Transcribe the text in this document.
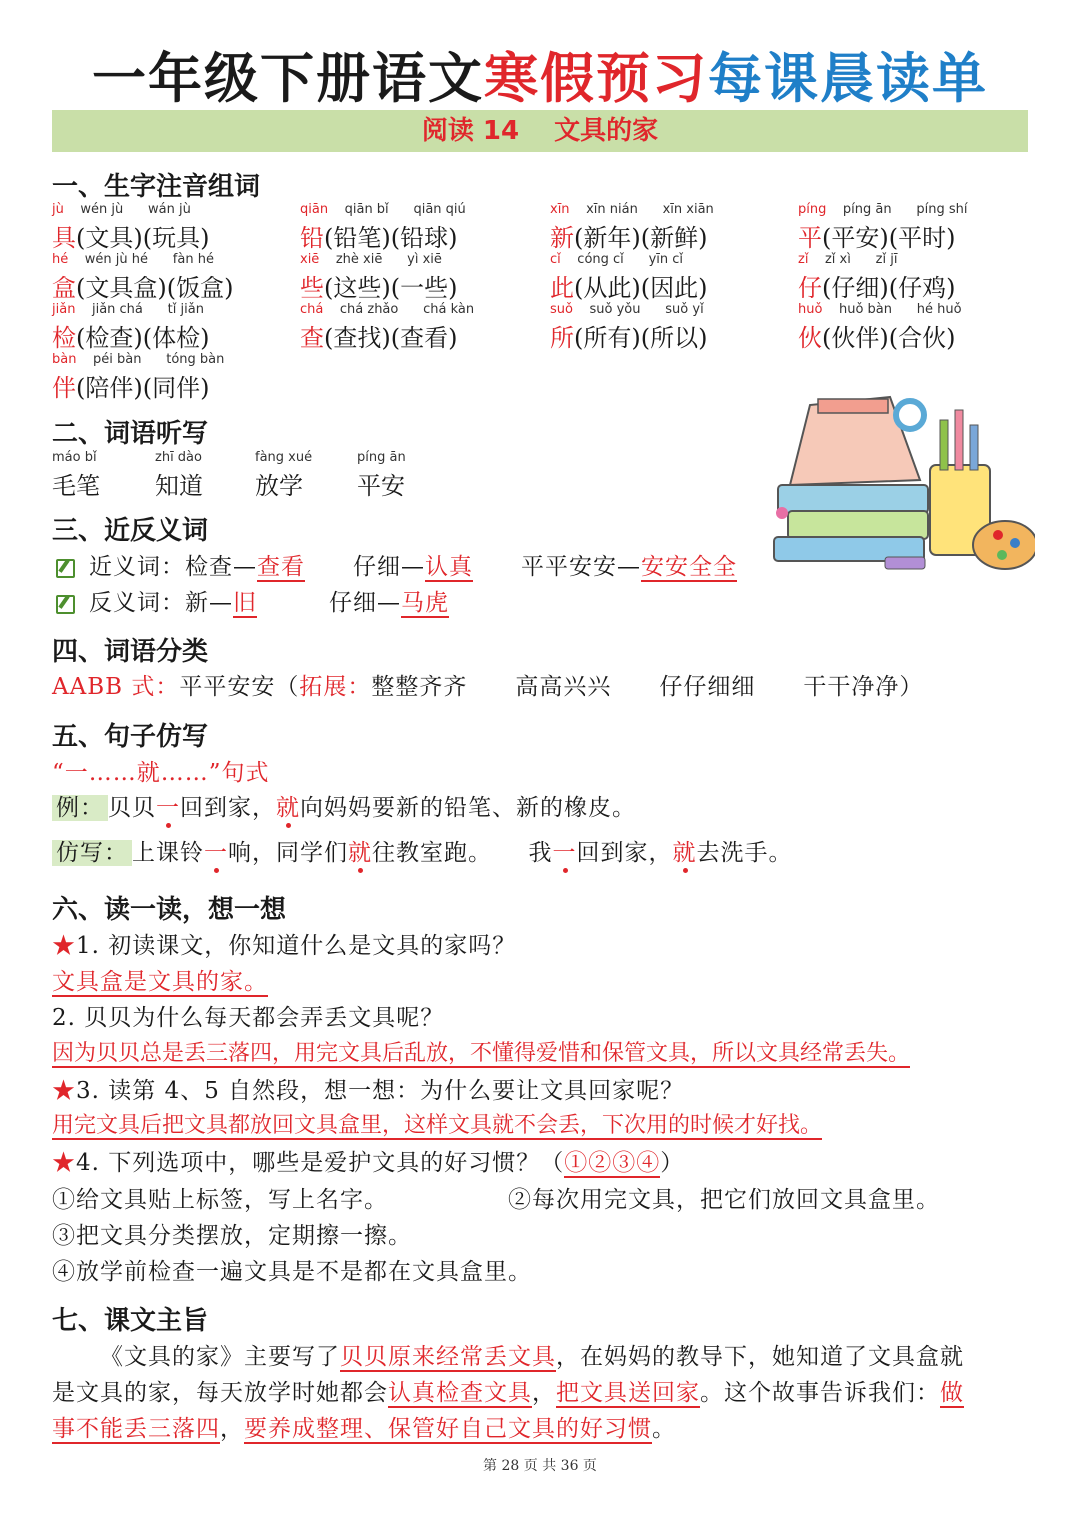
一年级下册语文寒假预习每课晨读单
阅读 14　 文具的家
一、生字注音组词
jù    wén jù      wán jù
具(文具)(玩具)
qiān    qiān bǐ      qiān qiú
铅(铅笔)(铅球)
xīn    xīn nián      xīn xiān
新(新年)(新鲜)
píng    píng ān      píng shí
平(平安)(平时)
hé    wén jù hé      fàn hé
盒(文具盒)(饭盒)
xiē    zhè xiē      yì xiē
些(这些)(一些)
cǐ    cóng cǐ      yīn cǐ
此(从此)(因此)
zǐ    zǐ xì      zǐ jī
仔(仔细)(仔鸡)
jiǎn    jiǎn chá      tǐ jiǎn
检(检查)(体检)
chá    chá zhǎo      chá kàn
查(查找)(查看)
suǒ    suǒ yǒu      suǒ yǐ
所(所有)(所以)
huǒ    huǒ bàn      hé huǒ
伙(伙伴)(合伙)
bàn    péi bàn      tóng bàn
伴(陪伴)(同伴)
二、词语听写
máo bǐ
毛笔
zhī dào
知道
fàng xué
放学
píng ān
平安
三、近反义词
近义词：检查—查看　　 仔细—认真　　 平平安安—安安全全
反义词：新—旧　　　	仔细—马虎
四、词语分类
AABB 式：平平安安（拓展：整整齐齐　　高高兴兴　　仔仔细细　　干干净净）
五、句子仿写
“一……就……”句式
例： 贝贝一回到家，就向妈妈要新的铅笔、新的橡皮。
仿写： 上课铃一响，同学们就往教室跑。　　我一回到家，就去洗手。
六、读一读，想一想
★1. 初读课文，你知道什么是文具的家吗？
文具盒是文具的家。
2. 贝贝为什么每天都会弄丢文具呢？
因为贝贝总是丢三落四，用完文具后乱放，不懂得爱惜和保管文具，所以文具经常丢失。
★3. 读第 4、5 自然段，想一想：为什么要让文具回家呢？
用完文具后把文具都放回文具盒里，这样文具就不会丢，下次用的时候才好找。
★4. 下列选项中，哪些是爱护文具的好习惯？（①②③④）
①给文具贴上标签，写上名字。	②每次用完文具，把它们放回文具盒里。
③把文具分类摆放，定期擦一擦。
④放学前检查一遍文具是不是都在文具盒里。
七、课文主旨
《文具的家》主要写了贝贝原来经常丢文具，在妈妈的教导下，她知道了文具盒就
是文具的家，每天放学时她都会认真检查文具，把文具送回家。这个故事告诉我们：做
事不能丢三落四，要养成整理、保管好自己文具的好习惯。
第 28 页 共 36 页
